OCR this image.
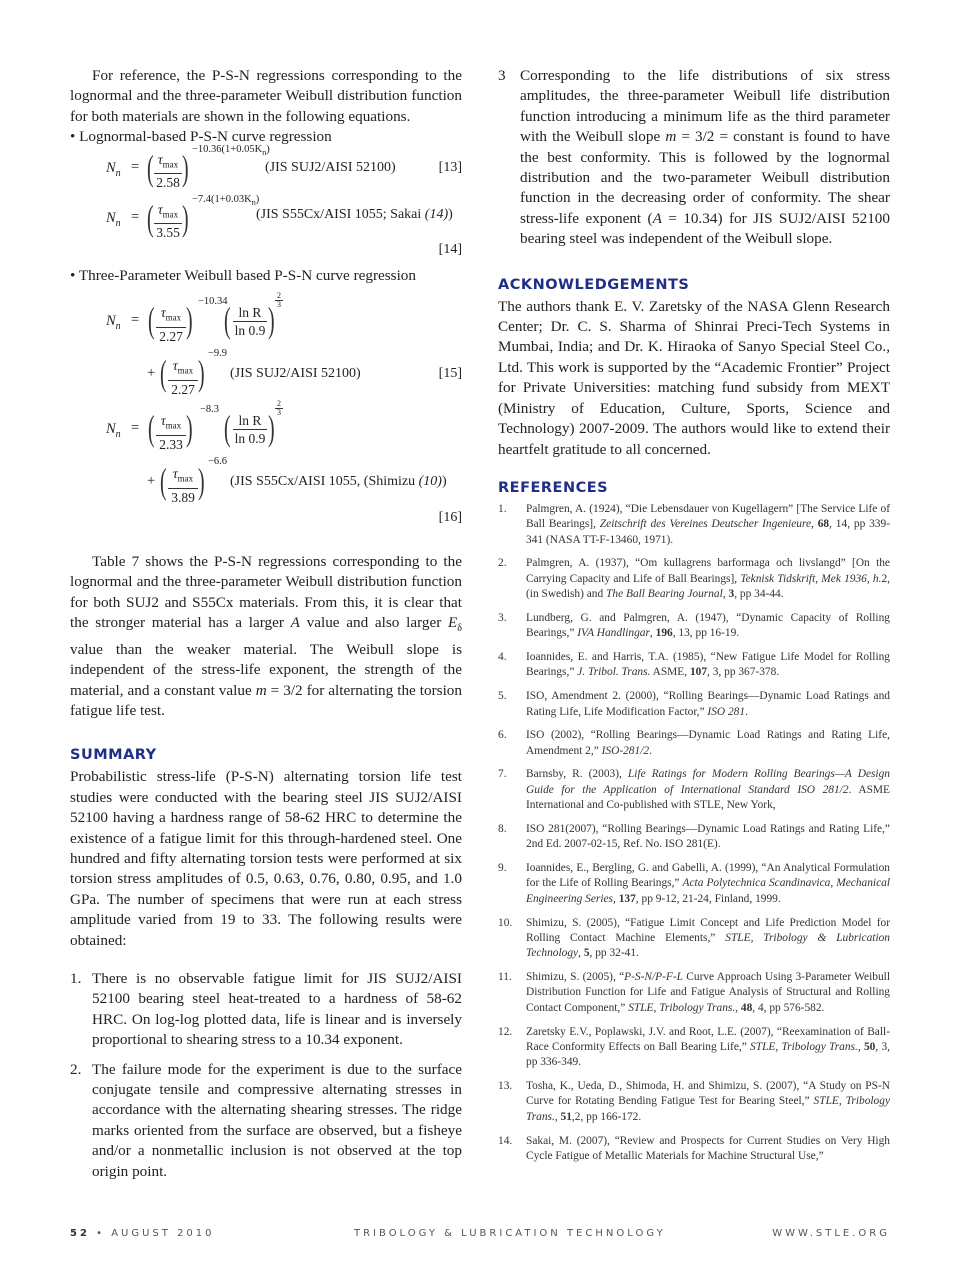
For reference, the P-S-N regressions corresponding to the lognormal and the three-parameter Weibull distribution function for both materials are shown in the following equations.

• Lognormal-based P-S-N curve regression

$N_n$ = ( $\tau_{max}$
2.58 ) $-10.36(1+0.05K_n)$
(JIS SUJ2/AISI 52100)	[13]
$N_n$ = ( $\tau_{max}$
3.55 ) $-7.4(1+0.03K_n)$
(JIS S55Cx/AISI 1055; Sakai (14))
[14]

• Three-Parameter Weibull based P-S-N curve regression

$N_n$ = ( $\tau_{max}$
2.27 ) −10.34
( $\frac{\text{ln R}}{\ln 0.9}$ ) $\frac{2}{3}$
+ ( $\tau_{max}$
2.27 ) −9.9
(JIS SUJ2/AISI 52100)	[15]
$N_n$ = ( $\tau_{max}$
2.33 ) −8.3 ( $\frac{\text{ln R}}{\ln 0.9}$ ) $\frac{2}{3}$
+ ( $\tau_{max}$
3.89 ) −6.6
(JIS S55Cx/AISI 1055, (Shimizu (10))
[16]

Table 7 shows the P-S-N regressions corresponding to the lognormal and the three-parameter Weibull distribution function for both SUJ2 and S55Cx materials. From this, it is clear that the stronger material has a larger A value and also larger $E_\delta$ value than the weaker material. The Weibull slope is independent of the stress-life exponent, the strength of the material, and a constant value m = 3/2 for alternating the torsion fatigue life test.

SUMMARY

Probabilistic stress-life (P-S-N) alternating torsion life test studies were conducted with the bearing steel JIS SUJ2/AISI 52100 having a hardness range of 58-62 HRC to determine the existence of a fatigue limit for this through-hardened steel. One hundred and fifty alternating torsion tests were performed at six torsion stress amplitudes of 0.5, 0.63, 0.76, 0.80, 0.95, and 1.0 GPa. The number of specimens that were run at each stress amplitude varied from 19 to 33. The following results were obtained:

1. There is no observable fatigue limit for JIS SUJ2/AISI 52100 bearing steel heat-treated to a hardness of 58-62 HRC. On log-log plotted data, life is linear and is inversely proportional to shearing stress to a 10.34 exponent.
2. The failure mode for the experiment is due to the surface conjugate tensile and compressive alternating stresses in accordance with the alternating shearing stresses. The ridge marks oriented from the surface are observed, but a fisheye and/or a nonmetallic inclusion is not observed at the top origin point.
3 Corresponding to the life distributions of six stress amplitudes, the three-parameter Weibull life distribution function introducing a minimum life as the third parameter with the Weibull slope m = 3/2 = constant is found to have the best conformity. This is followed by the lognormal distribution and the two-parameter Weibull distribution function in the decreasing order of conformity. The shear stress-life exponent (A = 10.34) for JIS SUJ2/AISI 52100 bearing steel was independent of the Weibull slope.
ACKNOWLEDGEMENTS

The authors thank E. V. Zaretsky of the NASA Glenn Research Center; Dr. C. S. Sharma of Shinrai Preci-Tech Systems in Mumbai, India; and Dr. K. Hiraoka of Sanyo Special Steel Co., Ltd. This work is supported by the “Academic Frontier” Project for Private Universities: matching fund subsidy from MEXT (Ministry of Education, Culture, Sports, Science and Technology) 2007-2009. The authors would like to extend their heartfelt gratitude to all concerned.

REFERENCES
1. Palmgren, A. (1924), “Die Lebensdauer von Kugellagern” [The Service Life of Ball Bearings], Zeitschrift des Vereines Deutscher Ingenieure, 68, 14, pp 339-341 (NASA TT-F-13460, 1971).
2. Palmgren, A. (1937), “Om kullagrens barformaga och livslangd” [On the Carrying Capacity and Life of Ball Bearings], Teknisk Tidskrift, Mek 1936, h.2, (in Swedish) and The Ball Bearing Journal, 3, pp 34-44.
3. Lundberg, G. and Palmgren, A. (1947), “Dynamic Capacity of Rolling Bearings,” IVA Handlingar, 196, 13, pp 16-19.
4. Ioannides, E. and Harris, T.A. (1985), “New Fatigue Life Model for Rolling Bearings,” J. Tribol. Trans. ASME, 107, 3, pp 367-378.
5. ISO, Amendment 2. (2000), “Rolling Bearings—Dynamic Load Ratings and Rating Life, Life Modification Factor,” ISO 281.
6. ISO (2002), “Rolling Bearings—Dynamic Load Ratings and Rating Life, Amendment 2,” ISO-281/2.
7. Barnsby, R. (2003), Life Ratings for Modern Rolling Bearings—A Design Guide for the Application of International Standard ISO 281/2. ASME International and Co-published with STLE, New York,
8. ISO 281(2007), “Rolling Bearings—Dynamic Load Ratings and Rating Life,” 2nd Ed. 2007-02-15, Ref. No. ISO 281(E).
9. Ioannides, E., Bergling, G. and Gabelli, A. (1999), “An Analytical Formulation for the Life of Rolling Bearings,” Acta Polytechnica Scandinavica, Mechanical Engineering Series, 137, pp 9-12, 21-24, Finland, 1999.
10. Shimizu, S. (2005), “Fatigue Limit Concept and Life Prediction Model for Rolling Contact Machine Elements,” STLE, Tribology & Lubrication Technology, 5, pp 32-41.
11. Shimizu, S. (2005), “P-S-N/P-F-L Curve Approach Using 3-Parameter Weibull Distribution Function for Life and Fatigue Analysis of Structural and Rolling Contact Component,” STLE, Tribology Trans., 48, 4, pp 576-582.
12. Zaretsky E.V., Poplawski, J.V. and Root, L.E. (2007), “Reexamination of Ball-Race Conformity Effects on Ball Bearing Life,” STLE, Tribology Trans., 50, 3, pp 336-349.
13. Tosha, K., Ueda, D., Shimoda, H. and Shimizu, S. (2007), “A Study on PS-N Curve for Rotating Bending Fatigue Test for Bearing Steel,” STLE, Tribology Trans., 51,2, pp 166-172.
14. Sakai, M. (2007), “Review and Prospects for Current Studies on Very High Cycle Fatigue of Metallic Materials for Machine Structural Use,”
52 • AUGUST 2010	TRIBOLOGY & LUBRICATION TECHNOLOGY	WWW.STLE.ORG
